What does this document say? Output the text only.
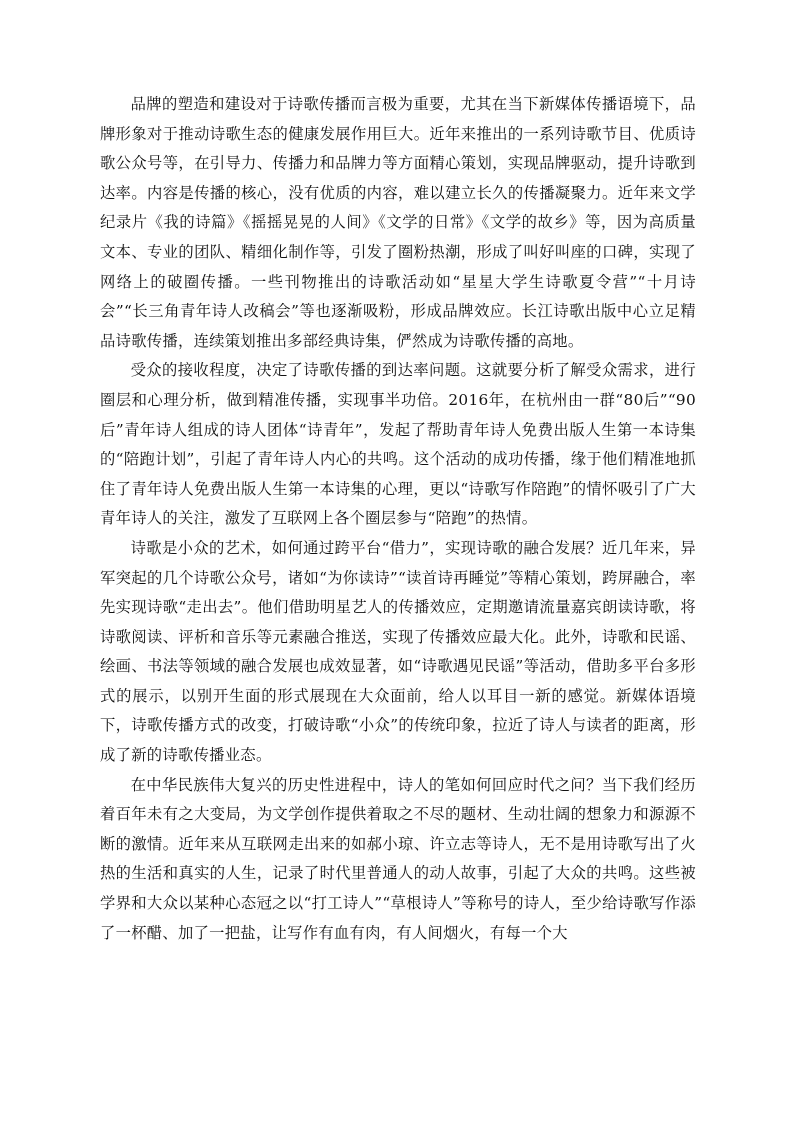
品牌的塑造和建设对于诗歌传播而言极为重要，尤其在当下新媒体传播语境下，品牌形象对于推动诗歌生态的健康发展作用巨大。近年来推出的一系列诗歌节目、优质诗歌公众号等，在引导力、传播力和品牌力等方面精心策划，实现品牌驱动，提升诗歌到达率。内容是传播的核心，没有优质的内容，难以建立长久的传播凝聚力。近年来文学纪录片《我的诗篇》《摇摇晃晃的人间》《文学的日常》《文学的故乡》等，因为高质量文本、专业的团队、精细化制作等，引发了圈粉热潮，形成了叫好叫座的口碑，实现了网络上的破圈传播。一些刊物推出的诗歌活动如“星星大学生诗歌夏令营”“十月诗会”“长三角青年诗人改稿会”等也逐渐吸粉，形成品牌效应。长江诗歌出版中心立足精品诗歌传播，连续策划推出多部经典诗集，俨然成为诗歌传播的高地。

受众的接收程度，决定了诗歌传播的到达率问题。这就要分析了解受众需求，进行圈层和心理分析，做到精准传播，实现事半功倍。2016年，在杭州由一群“80后”“90后”青年诗人组成的诗人团体“诗青年”，发起了帮助青年诗人免费出版人生第一本诗集的“陪跑计划”，引起了青年诗人内心的共鸣。这个活动的成功传播，缘于他们精准地抓住了青年诗人免费出版人生第一本诗集的心理，更以“诗歌写作陪跑”的情怀吸引了广大青年诗人的关注，激发了互联网上各个圈层参与“陪跑”的热情。

诗歌是小众的艺术，如何通过跨平台“借力”，实现诗歌的融合发展？近几年来，异军突起的几个诗歌公众号，诸如“为你读诗”“读首诗再睡觉”等精心策划，跨屏融合，率先实现诗歌“走出去”。他们借助明星艺人的传播效应，定期邀请流量嘉宾朗读诗歌，将诗歌阅读、评析和音乐等元素融合推送，实现了传播效应最大化。此外，诗歌和民谣、绘画、书法等领域的融合发展也成效显著，如“诗歌遇见民谣”等活动，借助多平台多形式的展示，以别开生面的形式展现在大众面前，给人以耳目一新的感觉。新媒体语境下，诗歌传播方式的改变，打破诗歌“小众”的传统印象，拉近了诗人与读者的距离，形成了新的诗歌传播业态。

在中华民族伟大复兴的历史性进程中，诗人的笔如何回应时代之问？当下我们经历着百年未有之大变局，为文学创作提供着取之不尽的题材、生动壮阔的想象力和源源不断的激情。近年来从互联网走出来的如郝小琼、许立志等诗人，无不是用诗歌写出了火热的生活和真实的人生，记录了时代里普通人的动人故事，引起了大众的共鸣。这些被学界和大众以某种心态冠之以“打工诗人”“草根诗人”等称号的诗人，至少给诗歌写作添了一杯醋、加了一把盐，让写作有血有肉，有人间烟火，有每一个大
